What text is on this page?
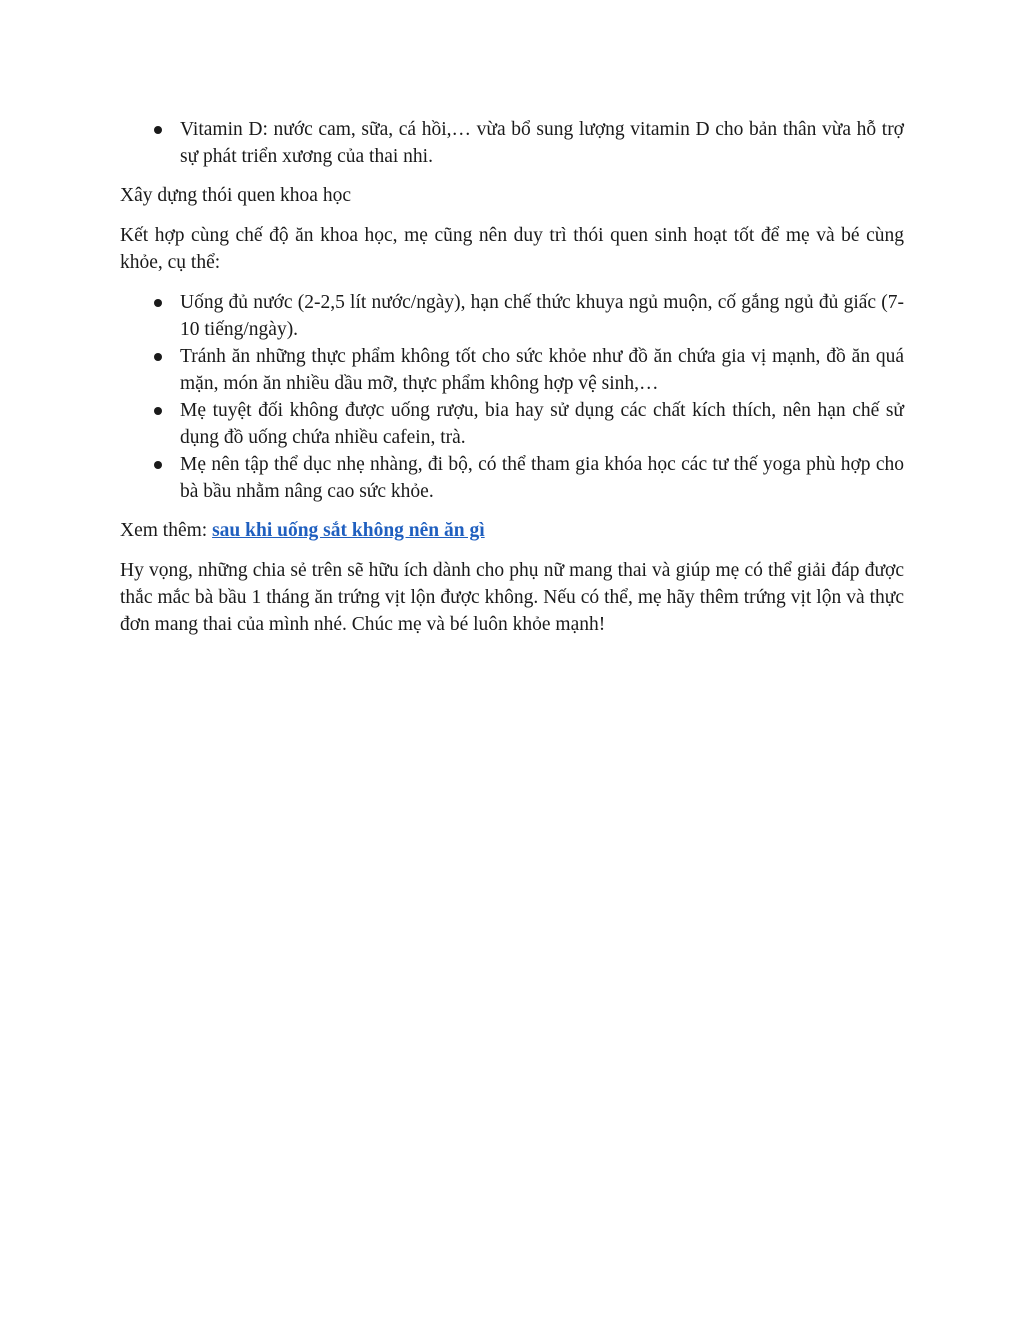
Vitamin D: nước cam, sữa, cá hồi,… vừa bổ sung lượng vitamin D cho bản thân vừa hỗ trợ sự phát triển xương của thai nhi.

Xây dựng thói quen khoa học

Kết hợp cùng chế độ ăn khoa học, mẹ cũng nên duy trì thói quen sinh hoạt tốt để mẹ và bé cùng khỏe, cụ thể:

Uống đủ nước (2-2,5 lít nước/ngày), hạn chế thức khuya ngủ muộn, cố gắng ngủ đủ giấc (7-10 tiếng/ngày).
Tránh ăn những thực phẩm không tốt cho sức khỏe như đồ ăn chứa gia vị mạnh, đồ ăn quá mặn, món ăn nhiều dầu mỡ, thực phẩm không hợp vệ sinh,…
Mẹ tuyệt đối không được uống rượu, bia hay sử dụng các chất kích thích, nên hạn chế sử dụng đồ uống chứa nhiều cafein, trà.
Mẹ nên tập thể dục nhẹ nhàng, đi bộ, có thể tham gia khóa học các tư thế yoga phù hợp cho bà bầu nhằm nâng cao sức khỏe.

Xem thêm: sau khi uống sắt không nên ăn gì

Hy vọng, những chia sẻ trên sẽ hữu ích dành cho phụ nữ mang thai và giúp mẹ có thể giải đáp được thắc mắc bà bầu 1 tháng ăn trứng vịt lộn được không. Nếu có thể, mẹ hãy thêm trứng vịt lộn và thực đơn mang thai của mình nhé. Chúc mẹ và bé luôn khỏe mạnh!
